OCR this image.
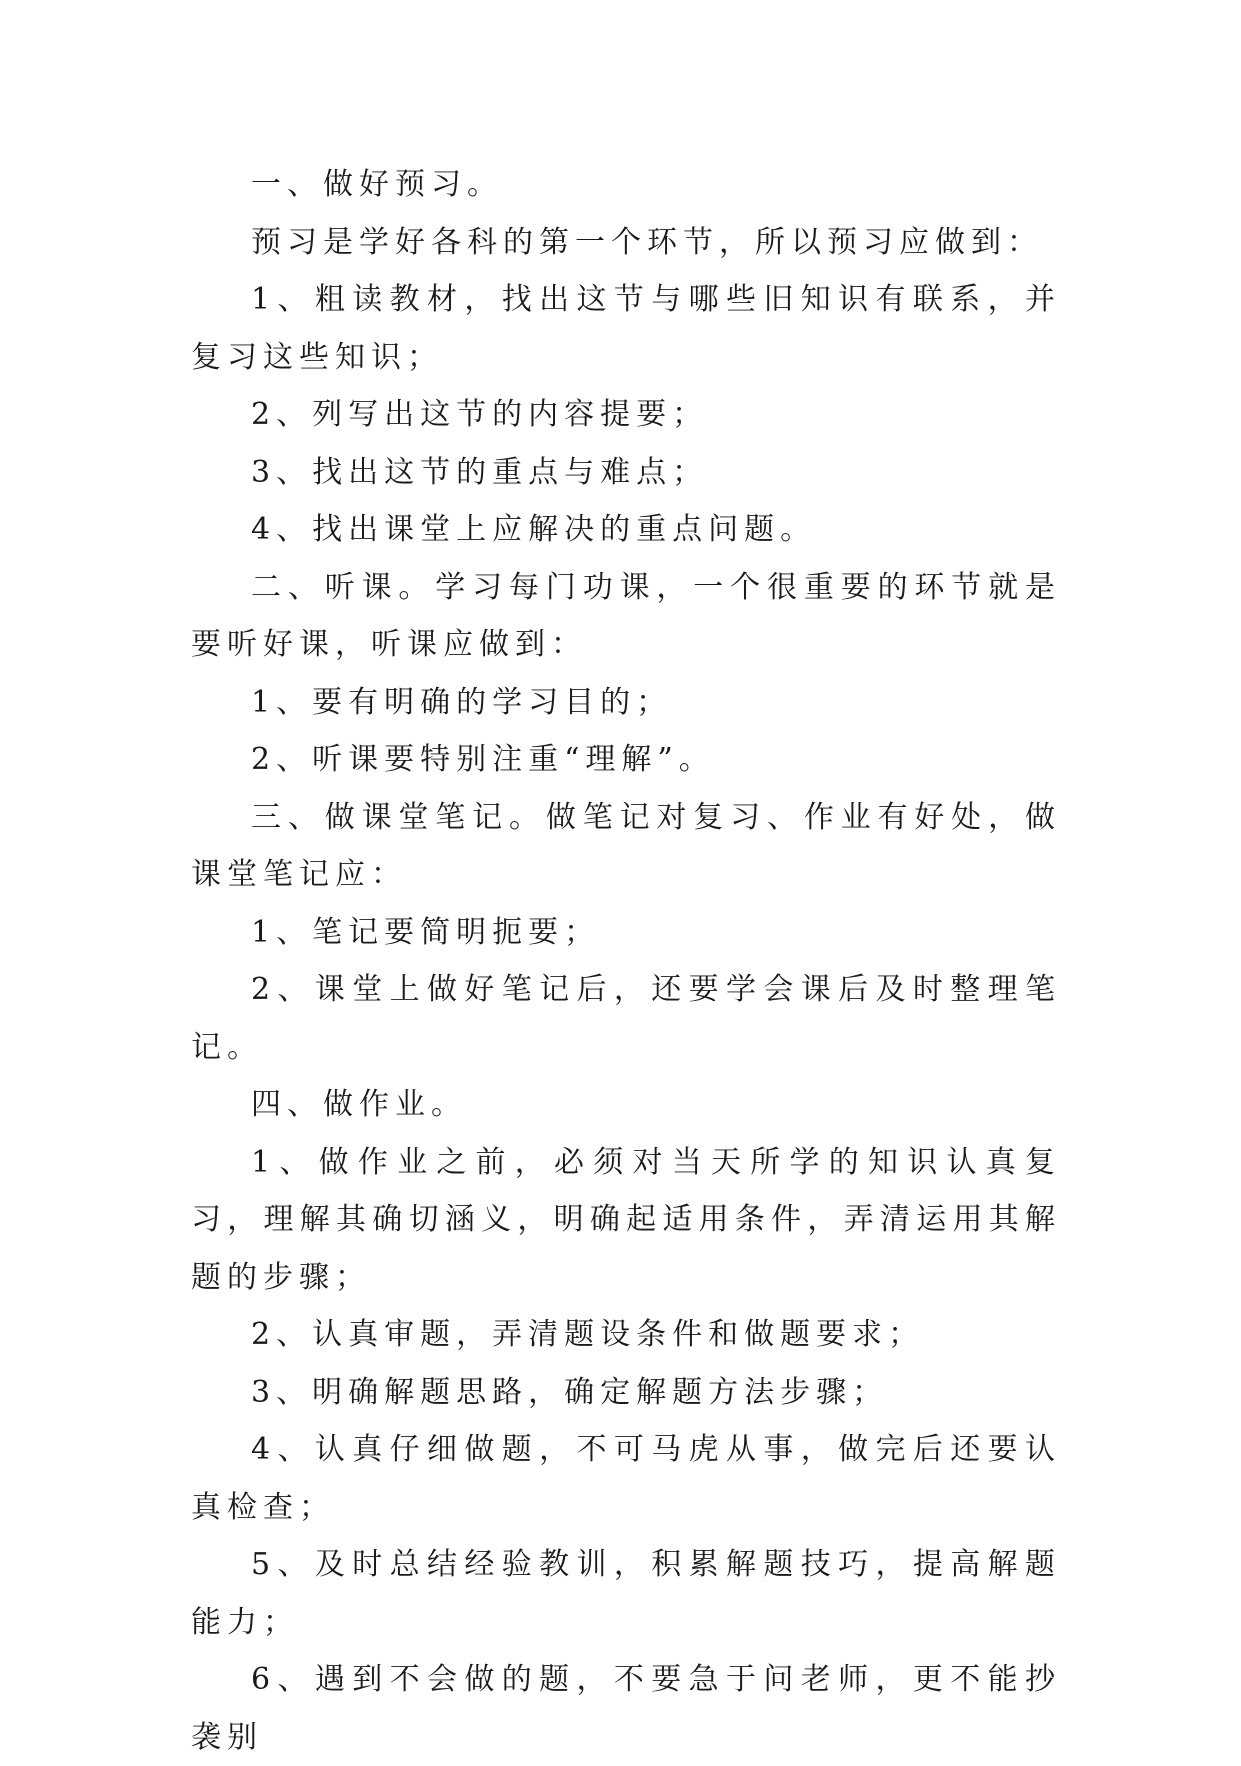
一、做好预习。

预习是学好各科的第一个环节，所以预习应做到：

1、粗读教材，找出这节与哪些旧知识有联系，并复习这些知识；

2、列写出这节的内容提要；

3、找出这节的重点与难点；

4、找出课堂上应解决的重点问题。

二、听课。学习每门功课，一个很重要的环节就是要听好课，听课应做到：

1、要有明确的学习目的；

2、听课要特别注重“理解”。

三、做课堂笔记。做笔记对复习、作业有好处，做课堂笔记应：

1、笔记要简明扼要；

2、课堂上做好笔记后，还要学会课后及时整理笔记。

四、做作业。

1、做作业之前，必须对当天所学的知识认真复习，理解其确切涵义，明确起适用条件，弄清运用其解题的步骤；

2、认真审题，弄清题设条件和做题要求；

3、明确解题思路，确定解题方法步骤；

4、认真仔细做题，不可马虎从事，做完后还要认真检查；

5、及时总结经验教训，积累解题技巧，提高解题能力；

6、遇到不会做的题，不要急于问老师，更不能抄袭别
